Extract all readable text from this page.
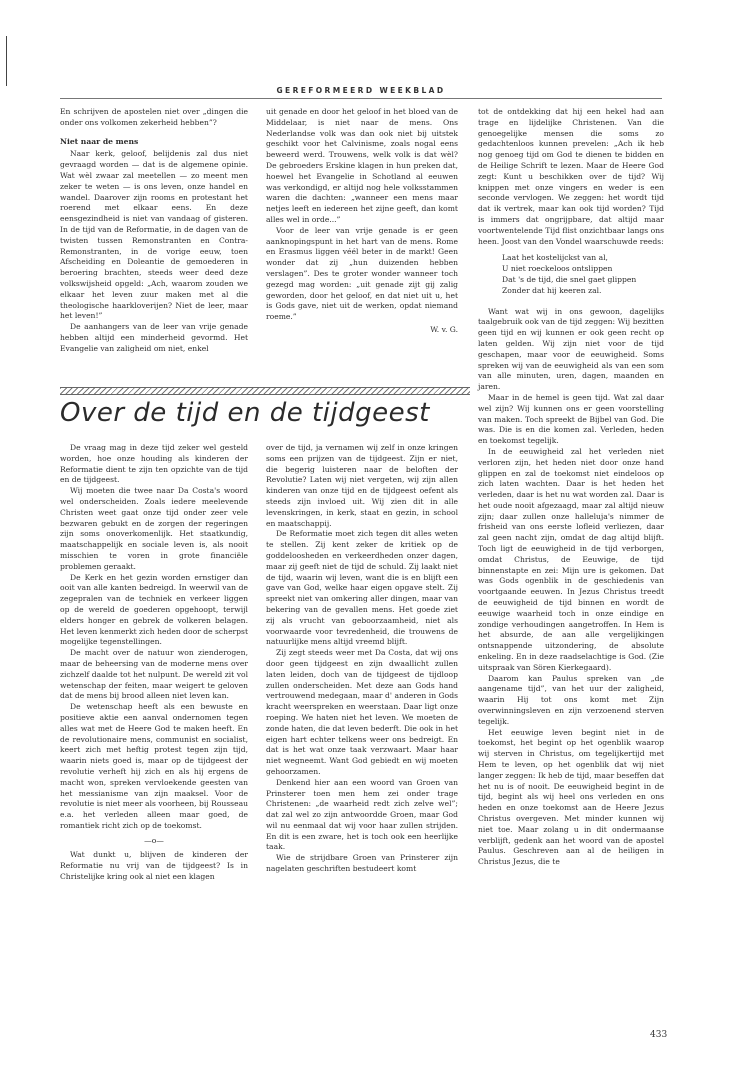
GEREFORMEERD WEEKBLAD

En schrijven de apostelen niet over „dingen die onder ons volkomen zekerheid hebben”?

Niet naar de mens

Naar kerk, geloof, belijdenis zal dus niet gevraagd worden — dat is de algemene opinie. Wat wèl zwaar zal meetellen — zo meent men zeker te weten — is ons leven, onze handel en wandel. Daarover zijn rooms en protestant het roerend met elkaar eens. En deze eensgezindheid is niet van vandaag of gisteren. In de tijd van de Reformatie, in de dagen van de twisten tussen Remonstranten en Contra-Remonstranten, in de vorige eeuw, toen Afscheiding en Doleantie de gemoederen in beroering brachten, steeds weer deed deze volkswijsheid opgeld: „Ach, waarom zouden we elkaar het leven zuur maken met al die theologische haarkloverijen? Niet de leer, maar het leven!”

De aanhangers van de leer van vrije genade hebben altijd een minderheid gevormd. Het Evangelie van zaligheid om niet, enkel

uit genade en door het geloof in het bloed van de Middelaar, is niet naar de mens. Ons Nederlandse volk was dan ook niet bij uitstek geschikt voor het Calvinisme, zoals nogal eens beweerd werd. Trouwens, welk volk is dat wèl? De gebroeders Erskine klagen in hun preken dat, hoewel het Evangelie in Schotland al eeuwen was verkondigd, er altijd nog hele volksstammen waren die dachten: „wanneer een mens maar netjes leeft en iedereen het zijne geeft, dan komt alles wel in orde...”

Voor de leer van vrije genade is er geen aanknopingspunt in het hart van de mens. Rome en Erasmus liggen véél beter in de markt! Geen wonder dat zij „hun duizenden hebben verslagen”. Des te groter wonder wanneer toch gezegd mag worden: „uit genade zijt gij zalig geworden, door het geloof, en dat niet uit u, het is Gods gave, niet uit de werken, opdat niemand roeme.”

W. v. G.

tot de ontdekking dat hij een hekel had aan trage en lijdelijke Christenen. Van die genoegelijke mensen die soms zo gedachtenloos kunnen prevelen: „Ach ik heb nog genoeg tijd om God te dienen te bidden en de Heilige Schrift te lezen. Maar de Heere God zegt: Kunt u beschikken over de tijd? Wij knippen met onze vingers en weder is een seconde vervlogen. We zeggen: het wordt tijd dat ik vertrek, maar kan ook tijd worden? Tijd is immers dat ongrijpbare, dat altijd maar voortwentelende Tijd flist onzichtbaar langs ons heen. Joost van den Vondel waarschuwde reeds:

Laat het kostelijckst van al,
U niet roeckeloos ontslippen
Dat 's de tijd, die snel gaet glippen
Zonder dat hij keeren zal.

Want wat wij in ons gewoon, dagelijks taalgebruik ook van de tijd zeggen: Wij bezitten geen tijd en wij kunnen er ook geen recht op laten gelden. Wij zijn niet voor de tijd geschapen, maar voor de eeuwigheid. Soms spreken wij van de eeuwigheid als van een som van alle minuten, uren, dagen, maanden en jaren.

Maar in de hemel is geen tijd. Wat zal daar wel zijn? Wij kunnen ons er geen voorstelling van maken. Toch spreekt de Bijbel van God. Die was. Die is en die komen zal. Verleden, heden en toekomst tegelijk.

In de eeuwigheid zal het verleden niet verloren zijn, het heden niet door onze hand glippen en zal de toekomst niet eindeloos op zich laten wachten. Daar is het heden het verleden, daar is het nu wat worden zal. Daar is het oude nooit afgezaagd, maar zal altijd nieuw zijn; daar zullen onze halleluja's nimmer de frisheid van ons eerste lofleid verliezen, daar zal geen nacht zijn, omdat de dag altijd blijft. Toch ligt de eeuwigheid in de tijd verborgen, omdat Christus, de Eeuwige, de tijd binnenstapte en zei: Mijn ure is gekomen. Dat was Gods ogenblik in de geschiedenis van voortgaande eeuwen. In Jezus Christus treedt de eeuwigheid de tijd binnen en wordt de eeuwige waarheid toch in onze eindige en zondige verhoudingen aangetroffen. In Hem is het absurde, de aan alle vergelijkingen ontsnappende uitzondering, de absolute enkeling. En in deze raadselachtige is God. (Zie uitspraak van Sören Kierkegaard).

Daarom kan Paulus spreken van „de aangename tijd”, van het uur der zaligheid, waarin Hij tot ons komt met Zijn overwinningsleven en zijn verzoenend sterven tegelijk.

Het eeuwige leven begint niet in de toekomst, het begint op het ogenblik waarop wij sterven in Christus, om tegelijkertijd met Hem te leven, op het ogenblik dat wij niet langer zeggen: Ik heb de tijd, maar beseffen dat het nu is of nooit. De eeuwigheid begint in de tijd, begint als wij heel ons verleden en ons heden en onze toekomst aan de Heere Jezus Christus overgeven. Met minder kunnen wij niet toe. Maar zolang u in dit ondermaanse verblijft, gedenk aan het woord van de apostel Paulus. Geschreven aan al de heiligen in Christus Jezus, die te

Over de tijd en de tijdgeest

De vraag mag in deze tijd zeker wel gesteld worden, hoe onze houding als kinderen der Reformatie dient te zijn ten opzichte van de tijd en de tijdgeest.

Wij moeten die twee naar Da Costa's woord wel onderscheiden. Zoals iedere meelevende Christen weet gaat onze tijd onder zeer vele bezwaren gebukt en de zorgen der regeringen zijn soms onoverkomenlijk. Het staatkundig, maatschappelijk en sociale leven is, als nooit misschien te voren in grote financiële problemen geraakt.

De Kerk en het gezin worden ernstiger dan ooit van alle kanten bedreigd. In weerwil van de zegepralen van de techniek en verkeer liggen op de wereld de goederen opgehoopt, terwijl elders honger en gebrek de volkeren belagen. Het leven kenmerkt zich heden door de scherpst mogelijke tegenstellingen.

De macht over de natuur won zienderogen, maar de beheersing van de moderne mens over zichzelf daalde tot het nulpunt. De wereld zit vol wetenschap der feiten, maar weigert te geloven dat de mens bij brood alleen niet leven kan.

De wetenschap heeft als een bewuste en positieve aktie een aanval ondernomen tegen alles wat met de Heere God te maken heeft. En de revolutionaire mens, communist en socialist, keert zich met heftig protest tegen zijn tijd, waarin niets goed is, maar op de tijdgeest der revolutie verheft hij zich en als hij ergens de macht won, spreken vervloekende geesten van het messianisme van zijn maaksel. Voor de revolutie is niet meer als voorheen, bij Rousseau e.a. het verleden alleen maar goed, de romantiek richt zich op de toekomst.

—o—

Wat dunkt u, blijven de kinderen der Reformatie nu vrij van de tijdgeest? Is in Christelijke kring ook al niet een klagen

over de tijd, ja vernamen wij zelf in onze kringen soms een prijzen van de tijdgeest. Zijn er niet, die begerig luisteren naar de beloften der Revolutie? Laten wij niet vergeten, wij zijn allen kinderen van onze tijd en de tijdgeest oefent als steeds zijn invloed uit. Wij zien dit in alle levenskringen, in kerk, staat en gezin, in school en maatschappij.

De Reformatie moet zich tegen dit alles weten te stellen. Zij kent zeker de kritiek op de goddeloosheden en verkeerdheden onzer dagen, maar zij geeft niet de tijd de schuld. Zij laakt niet de tijd, waarin wij leven, want die is en blijft een gave van God, welke haar eigen opgave stelt. Zij spreekt niet van omkering aller dingen, maar van bekering van de gevallen mens. Het goede ziet zij als vrucht van geboorzaamheid, niet als voorwaarde voor tevredenheid, die trouwens de natuurlijke mens altijd vreemd blijft.

Zij zegt steeds weer met Da Costa, dat wij ons door geen tijdgeest en zijn dwaallicht zullen laten leiden, doch van de tijdgeest de tijdloop zullen onderscheiden. Met deze aan Gods hand vertrouwend medegaan, maar d' anderen in Gods kracht weerspreken en weerstaan. Daar ligt onze roeping. We haten niet het leven. We moeten de zonde haten, die dat leven bederft. Die ook in het eigen hart echter telkens weer ons bedreigt. En dat is het wat onze taak verzwaart. Maar haar niet wegneemt. Want God gebiedt en wij moeten gehoorzamen.

Denkend hier aan een woord van Groen van Prinsterer toen men hem zei onder trage Christenen: „de waarheid redt zich zelve wel”; dat zal wel zo zijn antwoordde Groen, maar God wil nu eenmaal dat wij voor haar zullen strijden. En dit is een zware, het is toch ook een heerlijke taak.

Wie de strijdbare Groen van Prinsterer zijn nagelaten geschriften bestudeert komt

433
